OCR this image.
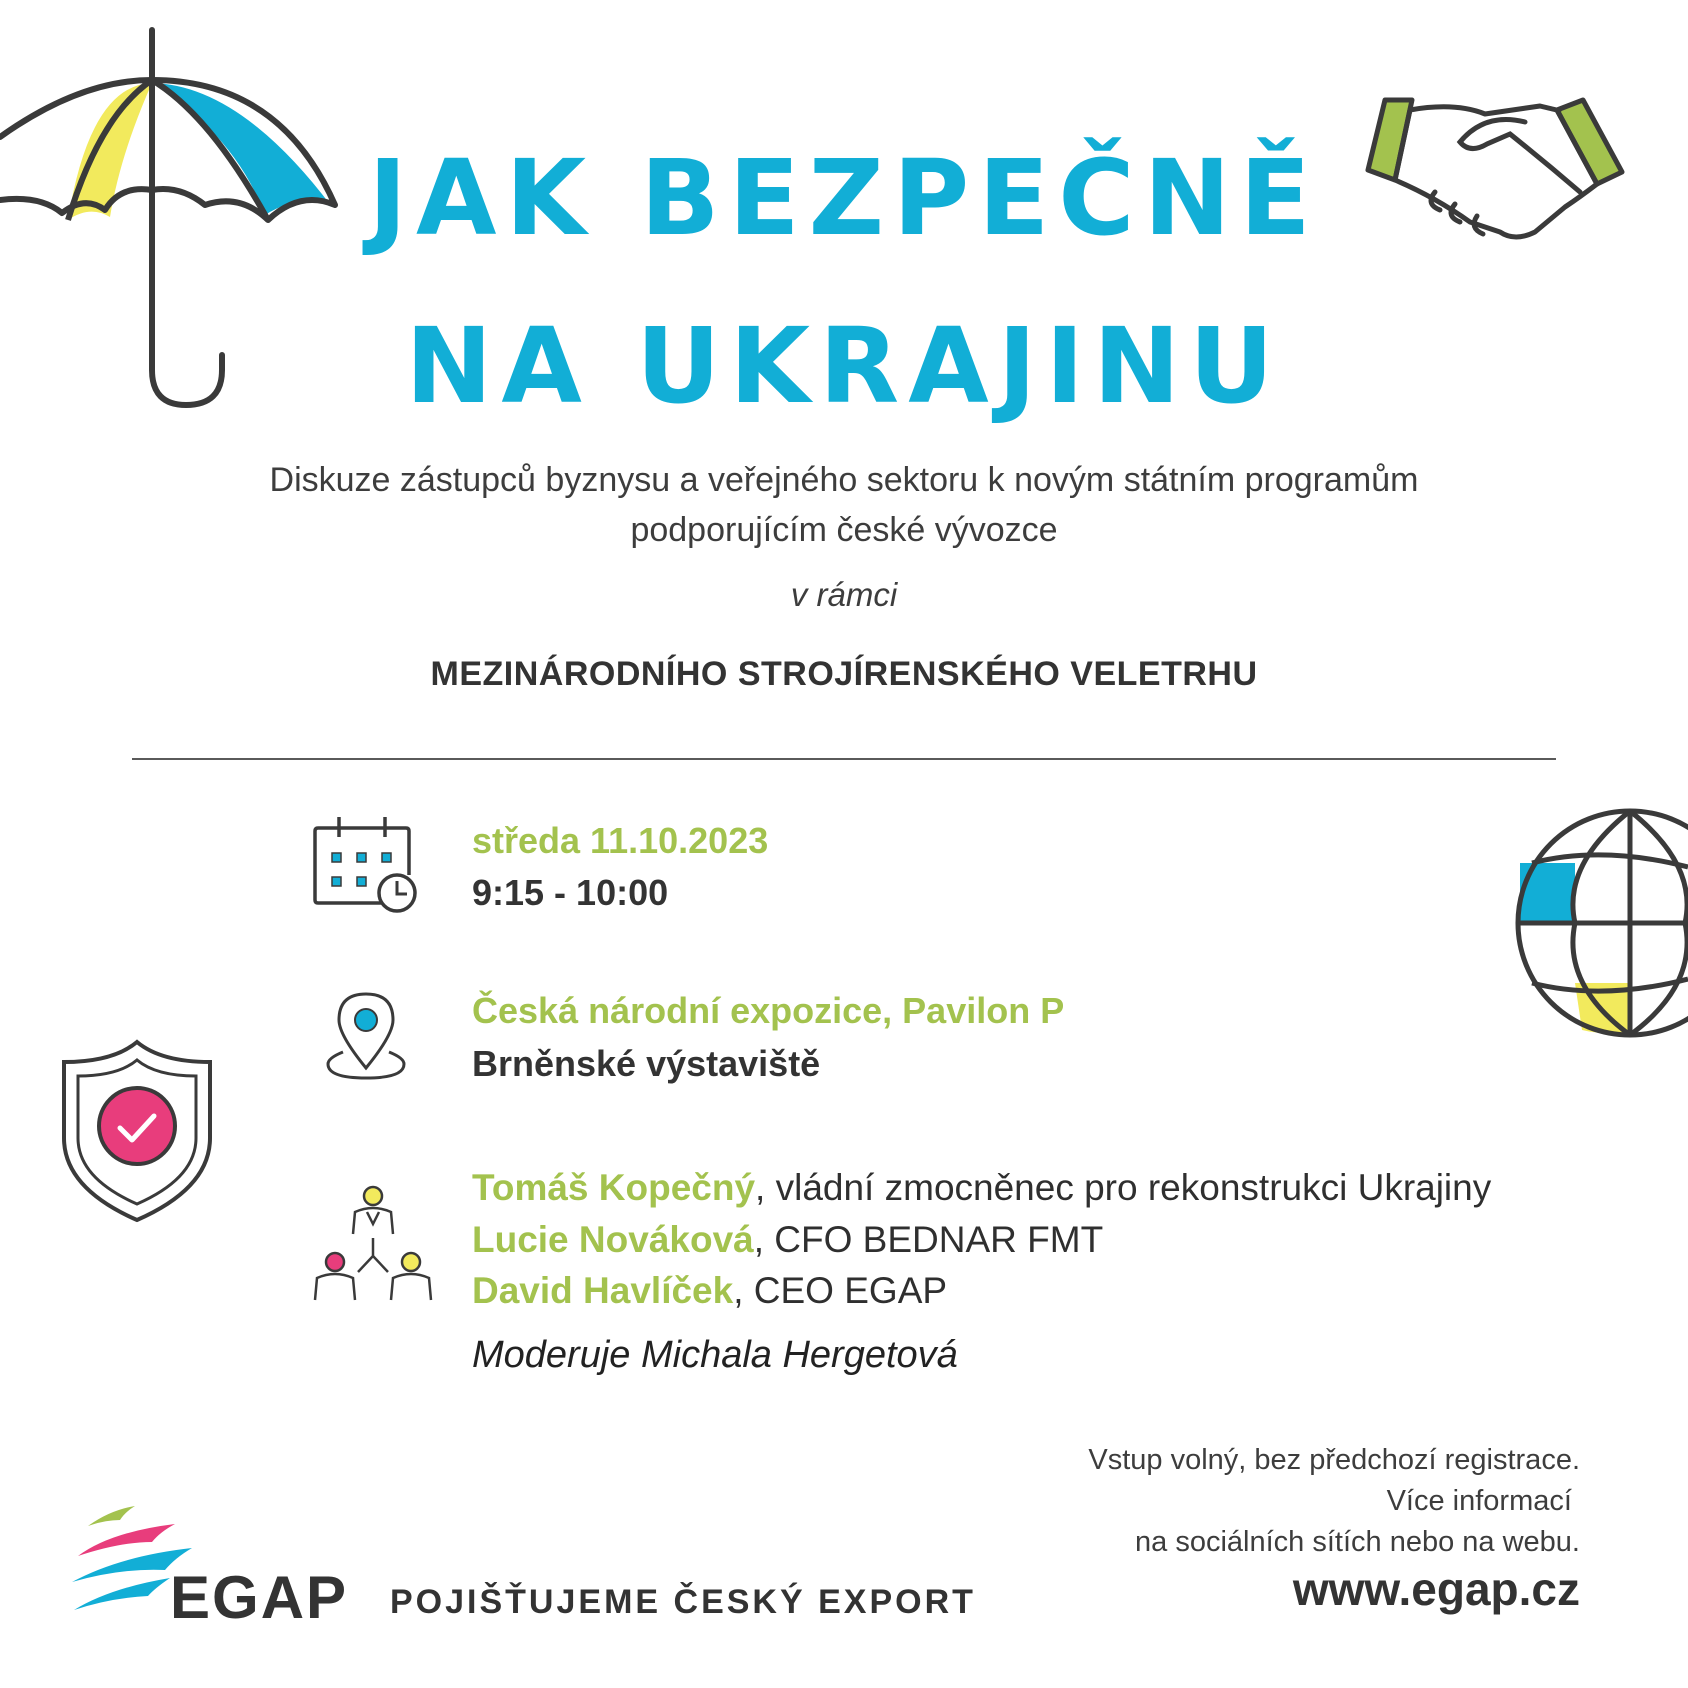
JAK BEZPEČNĚ
NA UKRAJINU
Diskuze zástupců byznysu a veřejného sektoru k novým státním programům
podporujícím české vývozce
v rámci
MEZINÁRODNÍHO STROJÍRENSKÉHO VELETRHU
středa 11.10.2023
9:15 - 10:00
Česká národní expozice, Pavilon P
Brněnské výstaviště
Tomáš Kopečný, vládní zmocněnec pro rekonstrukci Ukrajiny
Lucie Nováková, CFO BEDNAR FMT
David Havlíček, CEO EGAP
Moderuje Michala Hergetová
Vstup volný, bez předchozí registrace.
Více informací
na sociálních sítích nebo na webu.
www.egap.cz
EGAP POJIŠŤUJEME ČESKÝ EXPORT
